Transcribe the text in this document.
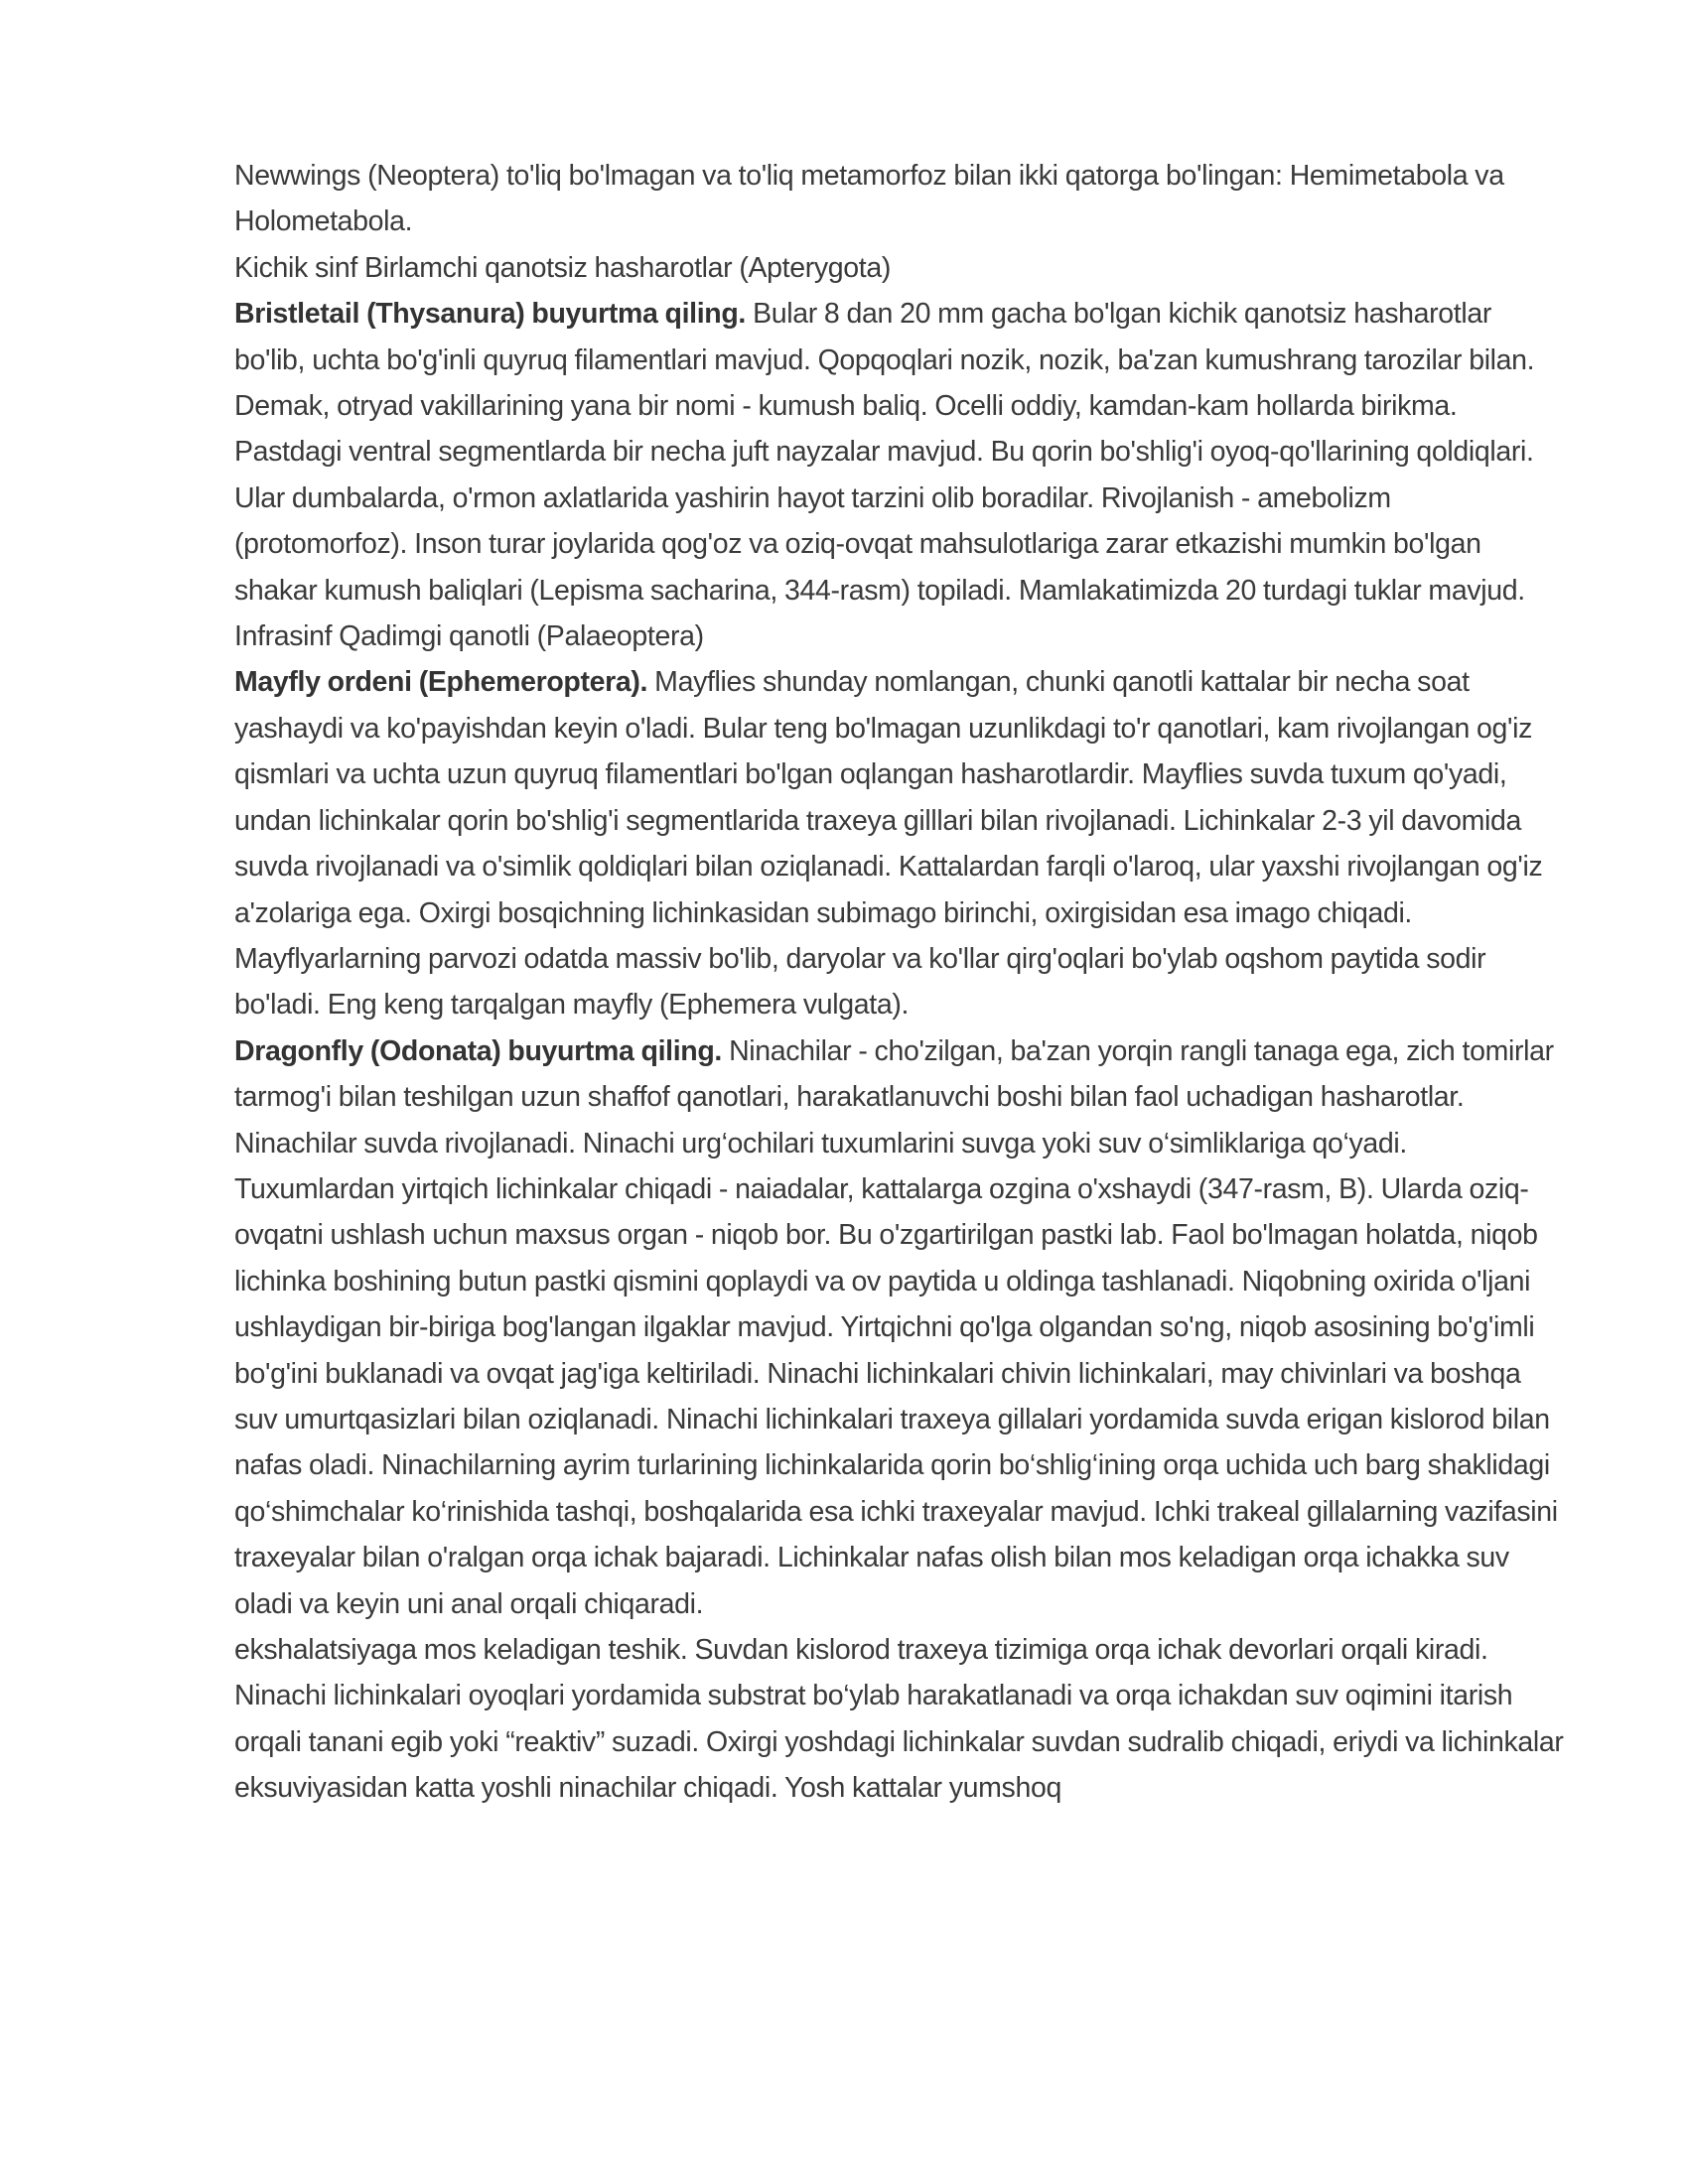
Newwings (Neoptera) to'liq bo'lmagan va to'liq metamorfoz bilan ikki qatorga bo'lingan: Hemimetabola va Holometabola.

Kichik sinf Birlamchi qanotsiz hasharotlar (Apterygota)

Bristletail (Thysanura) buyurtma qiling. Bular 8 dan 20 mm gacha bo'lgan kichik qanotsiz hasharotlar bo'lib, uchta bo'g'inli quyruq filamentlari mavjud. Qopqoqlari nozik, nozik, ba'zan kumushrang tarozilar bilan. Demak, otryad vakillarining yana bir nomi - kumush baliq. Ocelli oddiy, kamdan-kam hollarda birikma. Pastdagi ventral segmentlarda bir necha juft nayzalar mavjud. Bu qorin bo'shlig'i oyoq-qo'llarining qoldiqlari. Ular dumbalarda, o'rmon axlatlarida yashirin hayot tarzini olib boradilar. Rivojlanish - amebolizm (protomorfoz). Inson turar joylarida qog'oz va oziq-ovqat mahsulotlariga zarar etkazishi mumkin bo'lgan shakar kumush baliqlari (Lepisma sacharina, 344-rasm) topiladi. Mamlakatimizda 20 turdagi tuklar mavjud.

Infrasinf Qadimgi qanotli (Palaeoptera)

Mayfly ordeni (Ephemeroptera). Mayflies shunday nomlangan, chunki qanotli kattalar bir necha soat yashaydi va ko'payishdan keyin o'ladi. Bular teng bo'lmagan uzunlikdagi to'r qanotlari, kam rivojlangan og'iz qismlari va uchta uzun quyruq filamentlari bo'lgan oqlangan hasharotlardir. Mayflies suvda tuxum qo'yadi, undan lichinkalar qorin bo'shlig'i segmentlarida traxeya gilllari bilan rivojlanadi. Lichinkalar 2-3 yil davomida suvda rivojlanadi va o'simlik qoldiqlari bilan oziqlanadi. Kattalardan farqli o'laroq, ular yaxshi rivojlangan og'iz a'zolariga ega. Oxirgi bosqichning lichinkasidan subimago birinchi, oxirgisidan esa imago chiqadi. Mayflyarlarning parvozi odatda massiv bo'lib, daryolar va ko'llar qirg'oqlari bo'ylab oqshom paytida sodir bo'ladi. Eng keng tarqalgan mayfly (Ephemera vulgata).

Dragonfly (Odonata) buyurtma qiling. Ninachilar - cho'zilgan, ba'zan yorqin rangli tanaga ega, zich tomirlar tarmog'i bilan teshilgan uzun shaffof qanotlari, harakatlanuvchi boshi bilan faol uchadigan hasharotlar.

Ninachilar suvda rivojlanadi. Ninachi urg‘ochilari tuxumlarini suvga yoki suv o‘simliklariga qo‘yadi. Tuxumlardan yirtqich lichinkalar chiqadi - naiadalar, kattalarga ozgina o'xshaydi (347-rasm, B). Ularda oziq-ovqatni ushlash uchun maxsus organ - niqob bor. Bu o'zgartirilgan pastki lab. Faol bo'lmagan holatda, niqob lichinka boshining butun pastki qismini qoplaydi va ov paytida u oldinga tashlanadi. Niqobning oxirida o'ljani ushlaydigan bir-biriga bog'langan ilgaklar mavjud. Yirtqichni qo'lga olgandan so'ng, niqob asosining bo'g'imli bo'g'ini buklanadi va ovqat jag'iga keltiriladi. Ninachi lichinkalari chivin lichinkalari, may chivinlari va boshqa suv umurtqasizlari bilan oziqlanadi. Ninachi lichinkalari traxeya gillalari yordamida suvda erigan kislorod bilan nafas oladi. Ninachilarning ayrim turlarining lichinkalarida qorin bo‘shlig‘ining orqa uchida uch barg shaklidagi qo‘shimchalar ko‘rinishida tashqi, boshqalarida esa ichki traxeyalar mavjud. Ichki trakeal gillalarning vazifasini traxeyalar bilan o'ralgan orqa ichak bajaradi. Lichinkalar nafas olish bilan mos keladigan orqa ichakka suv oladi va keyin uni anal orqali chiqaradi.

ekshalatsiyaga mos keladigan teshik. Suvdan kislorod traxeya tizimiga orqa ichak devorlari orqali kiradi. Ninachi lichinkalari oyoqlari yordamida substrat bo‘ylab harakatlanadi va orqa ichakdan suv oqimini itarish orqali tanani egib yoki “reaktiv” suzadi. Oxirgi yoshdagi lichinkalar suvdan sudralib chiqadi, eriydi va lichinkalar eksuviyasidan katta yoshli ninachilar chiqadi. Yosh kattalar yumshoq
